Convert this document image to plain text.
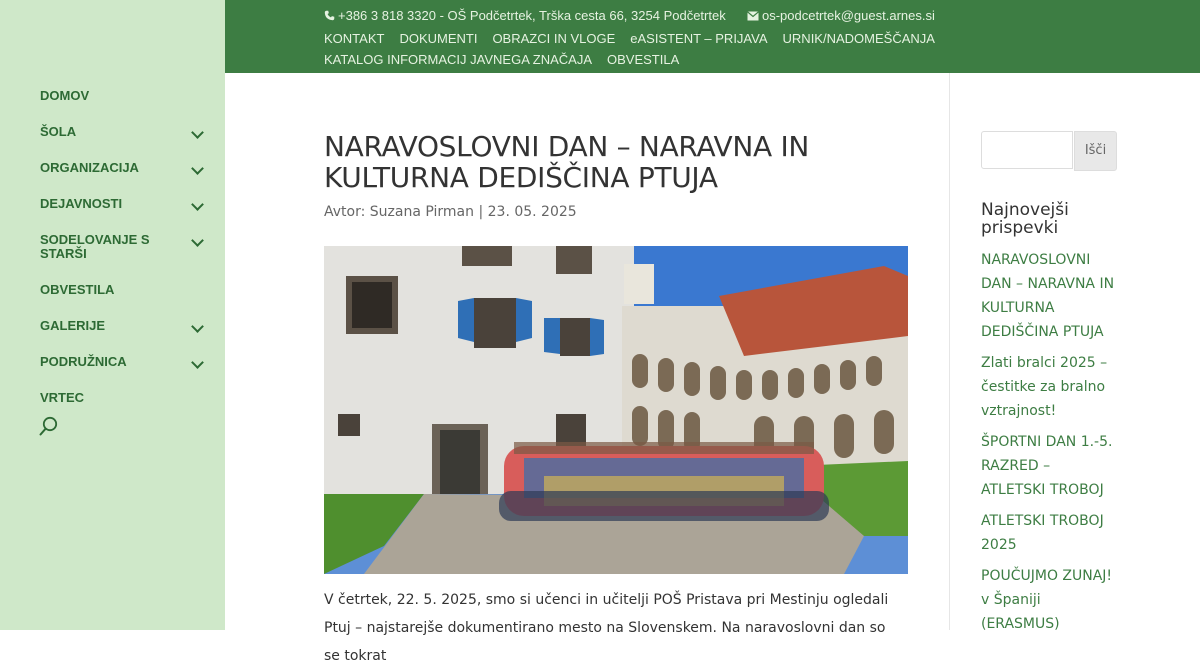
DOMOV
ŠOLA
ORGANIZACIJA
DEJAVNOSTI
SODELOVANJE S STARŠI
OBVESTILA
GALERIJE
PODRUŽNICA
VRTEC
+386 3 818 3320 - OŠ Podčetrtek, Trška cesta 66, 3254 Podčetrtek	os-podcetrtek@guest.arnes.si
KONTAKT DOKUMENTI OBRAZCI IN VLOGE eASISTENT – PRIJAVA URNIK/NADOMEŠČANJAKATALOG INFORMACIJ JAVNEGA ZNAČAJA OBVESTILA
NARAVOSLOVNI DAN – NARAVNA IN KULTURNA DEDIŠČINA PTUJA
Avtor: Suzana Pirman | 23. 05. 2025

V četrtek, 22. 5. 2025, smo si učenci in učitelji POŠ Pristava pri Mestinju ogledali Ptuj – najstarejše dokumentirano mesto na Slovenskem. Na naravoslovni dan so se tokrat

Išči
Najnovejši prispevki
NARAVOSLOVNI DAN – NARAVNA IN KULTURNA DEDIŠČINA PTUJA
Zlati bralci 2025 – čestitke za bralno vztrajnost!
ŠPORTNI DAN 1.-5. RAZRED – ATLETSKI TROBOJ
ATLETSKI TROBOJ 2025
POUČUJMO ZUNAJ! v Španiji (ERASMUS)
